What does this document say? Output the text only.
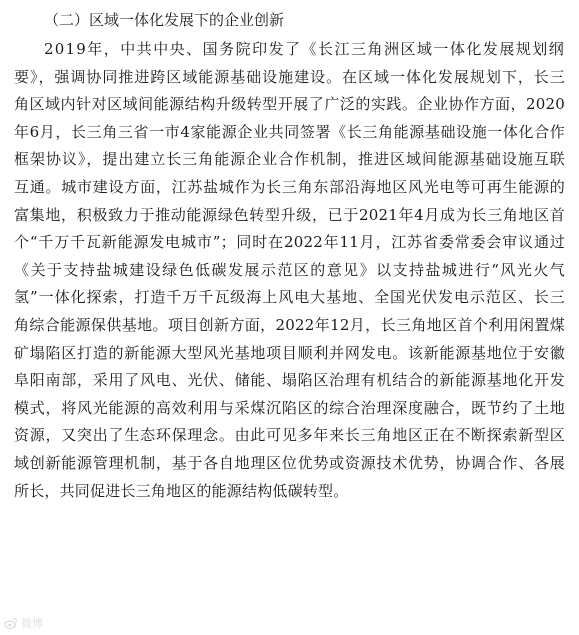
（二）区域一体化发展下的企业创新
2019年，中共中央、国务院印发了《长江三角洲区域一体化发展规划纲
要》，强调协同推进跨区域能源基础设施建设。在区域一体化发展规划下，长三
角区域内针对区域间能源结构升级转型开展了广泛的实践。企业协作方面，2020
年6月，长三角三省一市4家能源企业共同签署《长三角能源基础设施一体化合作
框架协议》，提出建立长三角能源企业合作机制，推进区域间能源基础设施互联
互通。城市建设方面，江苏盐城作为长三角东部沿海地区风光电等可再生能源的
富集地，积极致力于推动能源绿色转型升级，已于2021年4月成为长三角地区首
个“千万千瓦新能源发电城市”；同时在2022年11月，江苏省委常委会审议通过
《关于支持盐城建设绿色低碳发展示范区的意见》以支持盐城进行“风光火气
氢”一体化探索，打造千万千瓦级海上风电大基地、全国光伏发电示范区、长三
角综合能源保供基地。项目创新方面，2022年12月，长三角地区首个利用闲置煤
矿塌陷区打造的新能源大型风光基地项目顺利并网发电。该新能源基地位于安徽
阜阳南部，采用了风电、光伏、储能、塌陷区治理有机结合的新能源基地化开发
模式，将风光能源的高效利用与采煤沉陷区的综合治理深度融合，既节约了土地
资源，又突出了生态环保理念。由此可见多年来长三角地区正在不断探索新型区
域创新能源管理机制，基于各自地理区位优势或资源技术优势，协调合作、各展
所长，共同促进长三角地区的能源结构低碳转型。
微博
